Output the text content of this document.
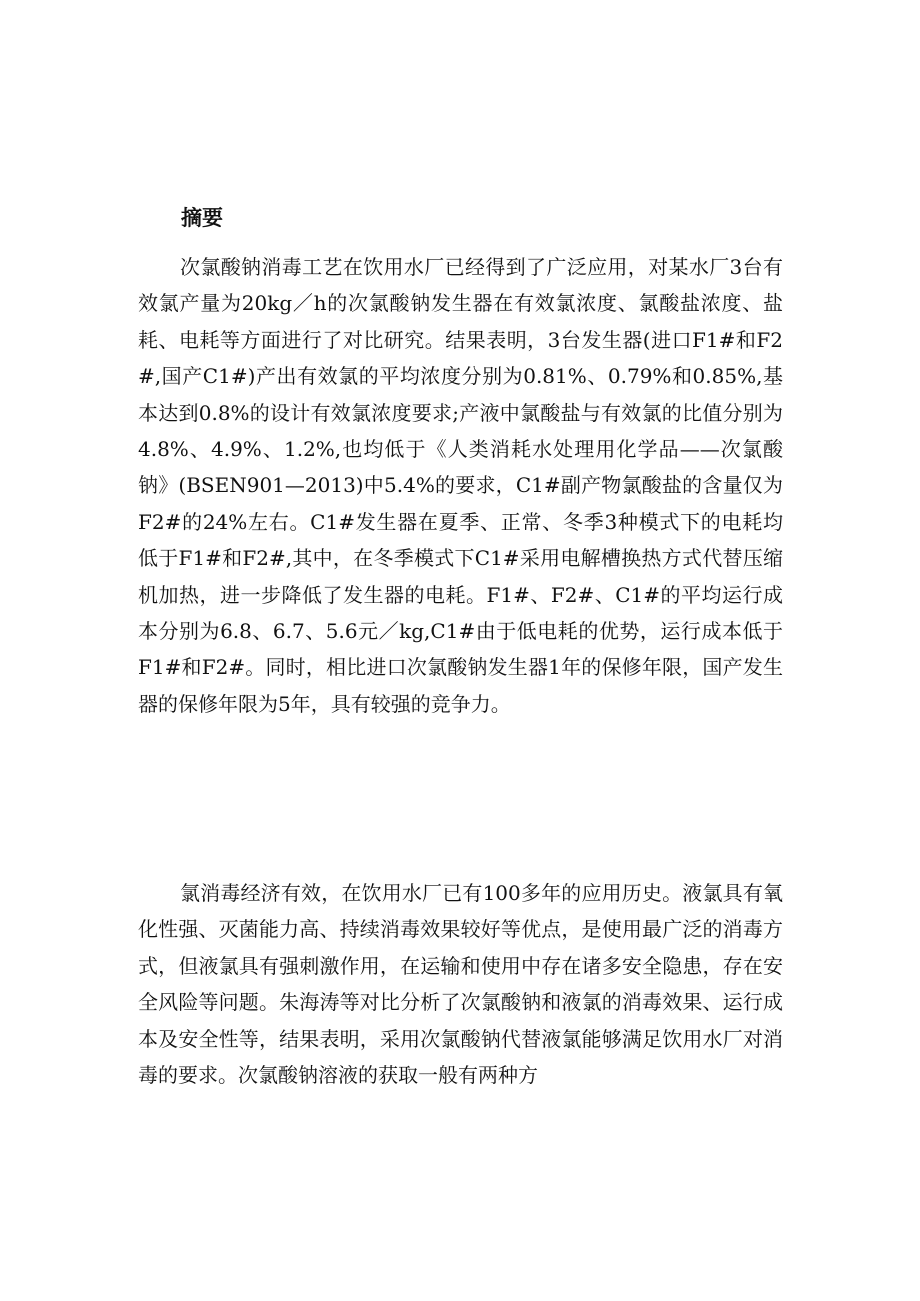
摘要

次氯酸钠消毒工艺在饮用水厂已经得到了广泛应用，对某水厂3台有效氯产量为20kg／h的次氯酸钠发生器在有效氯浓度、氯酸盐浓度、盐耗、电耗等方面进行了对比研究。结果表明，3台发生器(进口F1#和F2#,国产C1#)产出有效氯的平均浓度分别为0.81%、0.79%和0.85%,基本达到0.8%的设计有效氯浓度要求;产液中氯酸盐与有效氯的比值分别为4.8%、4.9%、1.2%,也均低于《人类消耗水处理用化学品——次氯酸钠》(BSEN901—2013)中5.4%的要求，C1#副产物氯酸盐的含量仅为F2#的24%左右。C1#发生器在夏季、正常、冬季3种模式下的电耗均低于F1#和F2#,其中，在冬季模式下C1#采用电解槽换热方式代替压缩机加热，进一步降低了发生器的电耗。F1#、F2#、C1#的平均运行成本分别为6.8、6.7、5.6元／kg,C1#由于低电耗的优势，运行成本低于F1#和F2#。同时，相比进口次氯酸钠发生器1年的保修年限，国产发生器的保修年限为5年，具有较强的竞争力。

氯消毒经济有效，在饮用水厂已有100多年的应用历史。液氯具有氧化性强、灭菌能力高、持续消毒效果较好等优点，是使用最广泛的消毒方式，但液氯具有强刺激作用，在运输和使用中存在诸多安全隐患，存在安全风险等问题。朱海涛等对比分析了次氯酸钠和液氯的消毒效果、运行成本及安全性等，结果表明，采用次氯酸钠代替液氯能够满足饮用水厂对消毒的要求。次氯酸钠溶液的获取一般有两种方
